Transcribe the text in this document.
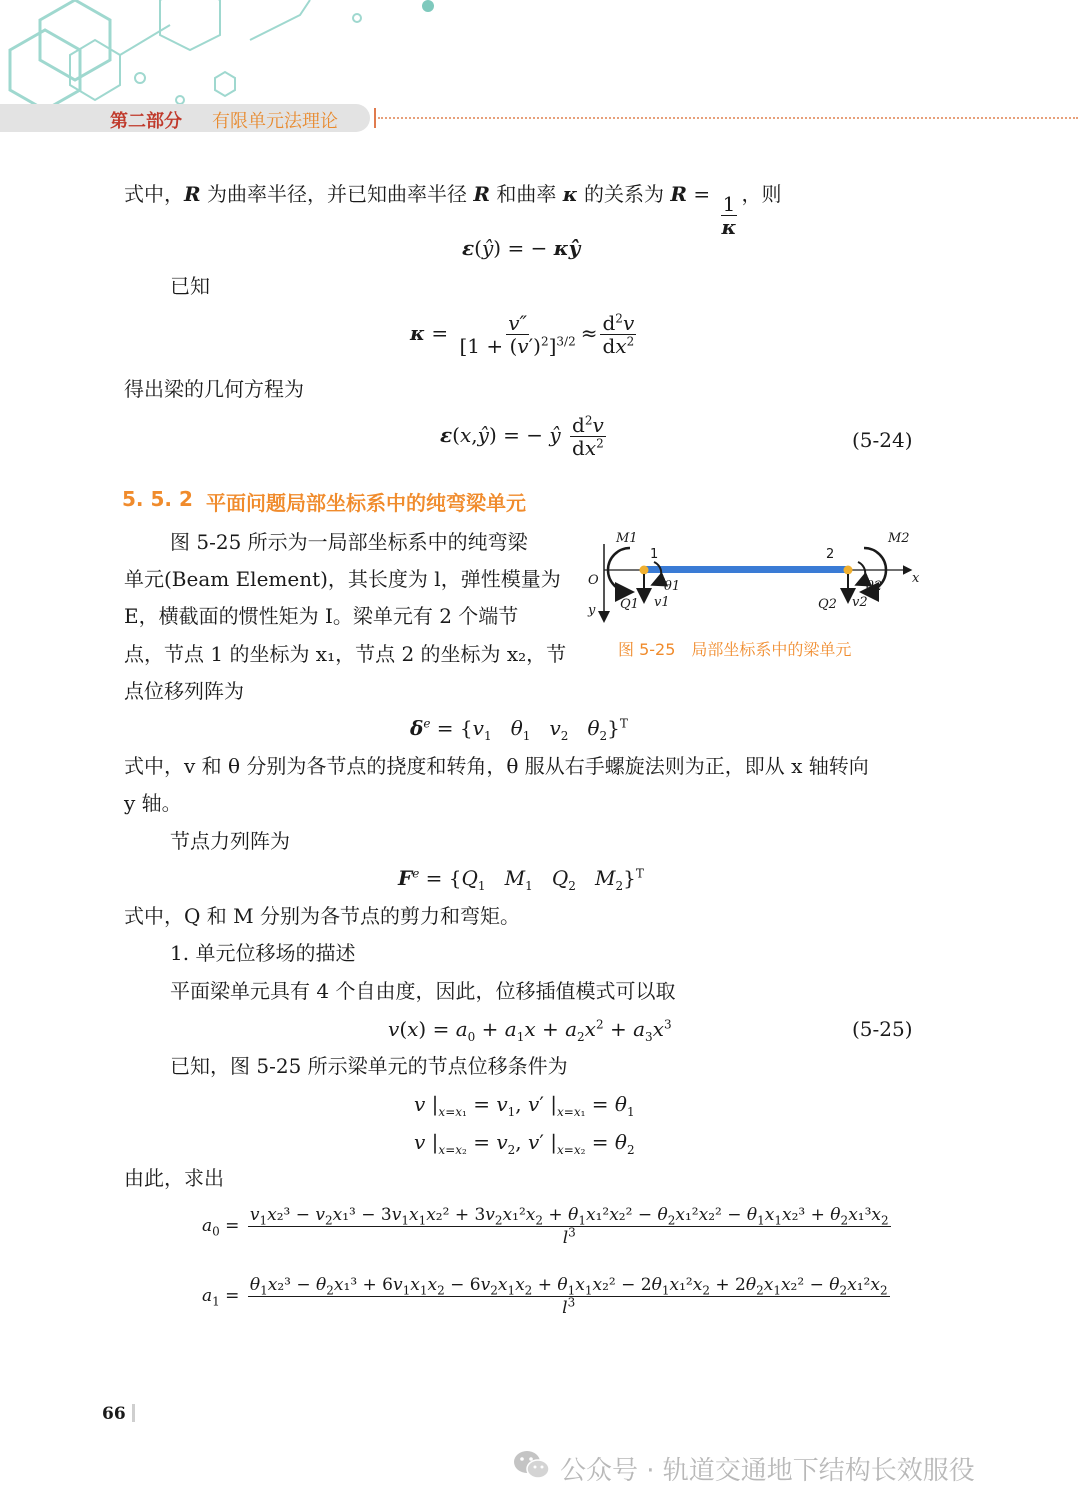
第二部分 有限单元法理论
式中，R 为曲率半径，并已知曲率半径 R 和曲率 κ 的关系为 $R = \frac{1}{\kappa}$ ，则
ε(ŷ) = − κŷ
已知
$\kappa = \frac{v''}{[1 + (v')^2]^{3/2}} \approx \frac{d^2v}{dx^2}$
得出梁的几何方程为
ε(x,ŷ) = − ŷ $\frac{d^2v}{dx^2}$	(5-24)
5. 5. 2 平面问题局部坐标系中的纯弯梁单元
图 5-25 所示为一局部坐标系中的纯弯梁
单元(Beam Element)，其长度为 l，弹性模量为
E，横截面的惯性矩为 I。梁单元有 2 个端节
点，节点 1 的坐标为 x₁，节点 2 的坐标为 x₂，节
点位移列阵为
M1	M2
O	x
y
θ1	θ2
Q1	Q2
v1	v2
1	2
图 5-25　局部坐标系中的梁单元
$\delta^e = \{v_1$ $\theta_1$ $v_2$ $\theta_2\}^T$
式中，v 和 θ 分别为各节点的挠度和转角，θ 服从右手螺旋法则为正，即从 x 轴转向
y 轴。
节点力列阵为
$F^e = \{Q_1$ $M_1$ $Q_2$ $M_2\}^T$
式中，Q 和 M 分别为各节点的剪力和弯矩。
1. 单元位移场的描述
平面梁单元具有 4 个自由度，因此，位移插值模式可以取
$v(x) = a_0 + a_1x + a_2x^2 + a_3x^3$	(5-25)
已知，图 5-25 所示梁单元的节点位移条件为
v $|_{x=x_1} = v_1$, v′ $|_{x=x_1} = \theta_1$
v $|_{x=x_2} = v_2$, v′ $|_{x=x_2} = \theta_2$
由此，求出
$a_0$ =
$v_1x_2^3 - v_2x_1^3 - 3v_1x_1x_2^2 + 3v_2x_1^2x_2 + \theta_1x_1^2x_2^2 - \theta_2x_1^2x_2^2 - \theta_1x_1x_2^3 + \theta_2x_1^3x_2$
$l^3$
$a_1$ =
$\theta_1x_2^3 - \theta_2x_1^3 + 6v_1x_1x_2 - 6v_2x_1x_2 + \theta_1x_1x_2^2 - 2\theta_1x_1^2x_2 + 2\theta_2x_1x_2^2 - \theta_2x_1^2x_2$
$l^3$
66
公众号 · 轨道交通地下结构长效服役
